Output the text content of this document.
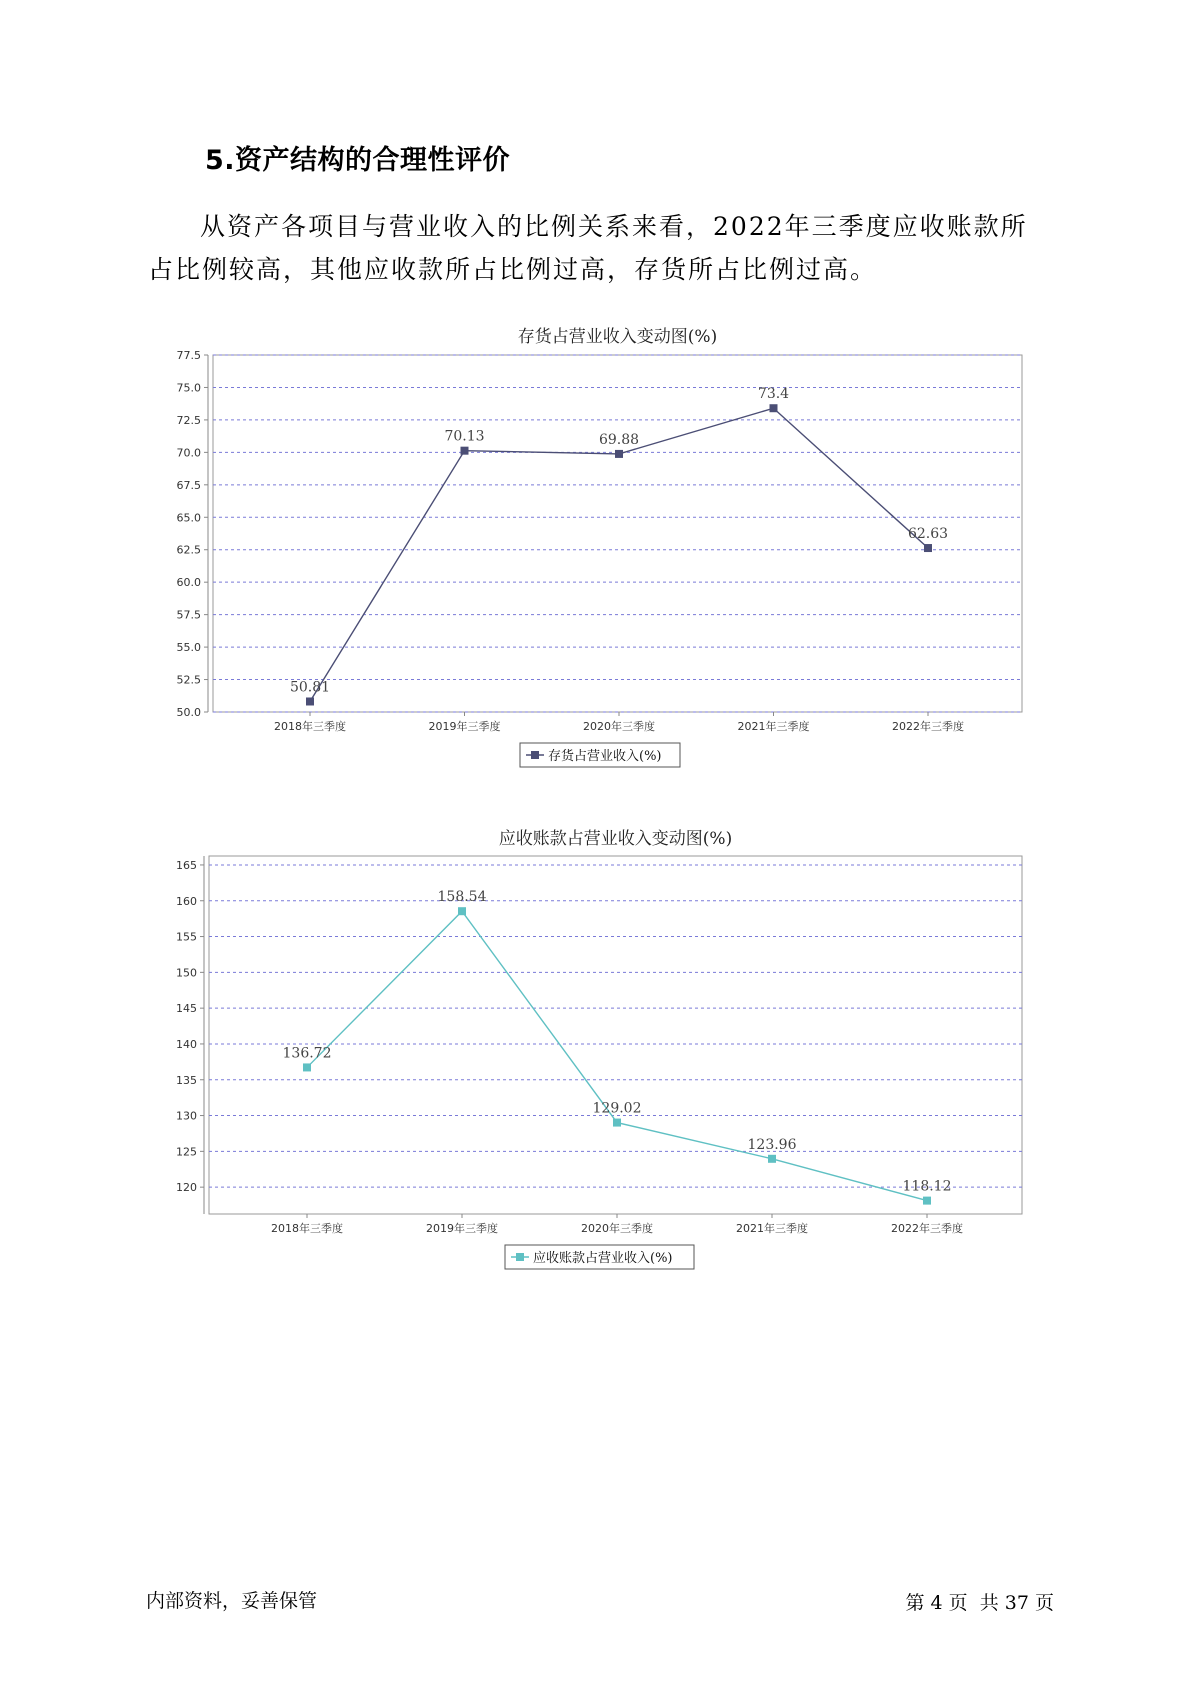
5.资产结构的合理性评价
从资产各项目与营业收入的比例关系来看，2022年三季度应收账款所
占比例较高，其他应收款所占比例过高，存货所占比例过高。
存货占营业收入变动图(%)
50.0
52.5
55.0
57.5
60.0
62.5
65.0
67.5
70.0
72.5
75.0
77.5
2018年三季度	2019年三季度	2020年三季度	2021年三季度	2022年三季度
50.81
70.13	69.88
73.4
62.63
存货占营业收入(%)
应收账款占营业收入变动图(%)
120
125
130
135
140
145
150
155
160
165
2018年三季度	2019年三季度	2020年三季度	2021年三季度	2022年三季度
136.72
158.54
129.02
123.96
118.12
应收账款占营业收入(%)
内部资料，妥善保管	第 4 页  共 37 页
